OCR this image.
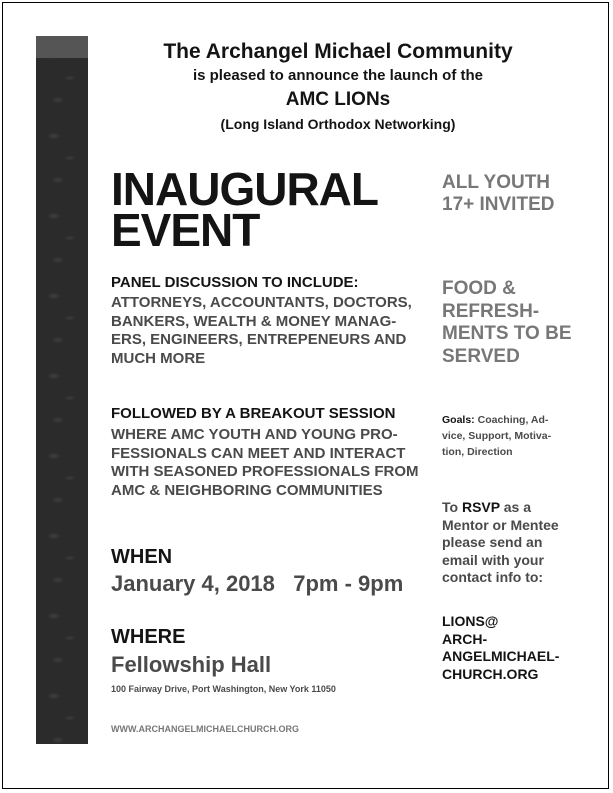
The Archangel Michael Community

is pleased to announce the launch of the

AMC LIONs

(Long Island Orthodox Networking)

INAUGURAL

EVENT

PANEL DISCUSSION TO INCLUDE:

ATTORNEYS, ACCOUNTANTS, DOCTORS,
BANKERS, WEALTH & MONEY MANAG-
ERS, ENGINEERS, ENTREPENEURS AND
MUCH MORE

FOLLOWED BY A BREAKOUT SESSION

WHERE AMC YOUTH AND YOUNG PRO-
FESSIONALS CAN MEET AND INTERACT
WITH SEASONED PROFESSIONALS FROM
AMC & NEIGHBORING COMMUNITIES

WHEN

January 4, 2018   7pm - 9pm

WHERE

Fellowship Hall

100 Fairway Drive, Port Washington, New York 11050

WWW.ARCHANGELMICHAELCHURCH.ORG

ALL YOUTH
17+ INVITED
FOOD &
REFRESH-
MENTS TO BE
SERVED
Goals: Coaching, Ad-
vice, Support, Motiva-
tion, Direction
To RSVP as a
Mentor or Mentee
please send an
email with your
contact info to:
LIONS@
ARCH-
ANGELMICHAEL-
CHURCH.ORG
